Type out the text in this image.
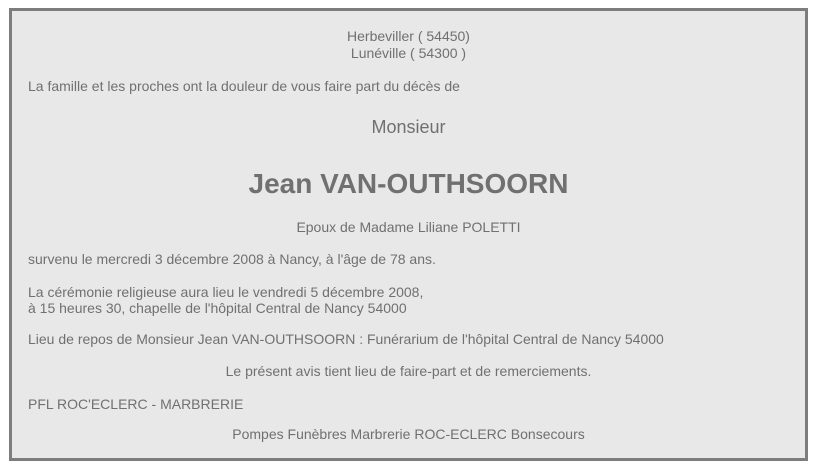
Herbeviller ( 54450)
Lunéville ( 54300 )
La famille et les proches ont la douleur de vous faire part du décès de
Monsieur
Jean VAN-OUTHSOORN
Epoux de Madame Liliane POLETTI
survenu le mercredi 3 décembre 2008 à Nancy, à l'âge de 78 ans.
La cérémonie religieuse aura lieu le vendredi 5 décembre 2008,
à 15 heures 30, chapelle de l'hôpital Central de Nancy 54000
Lieu de repos de Monsieur Jean VAN-OUTHSOORN : Funérarium de l'hôpital Central de Nancy 54000
Le présent avis tient lieu de faire-part et de remerciements.
PFL ROC'ECLERC - MARBRERIE
Pompes Funèbres Marbrerie ROC-ECLERC Bonsecours
